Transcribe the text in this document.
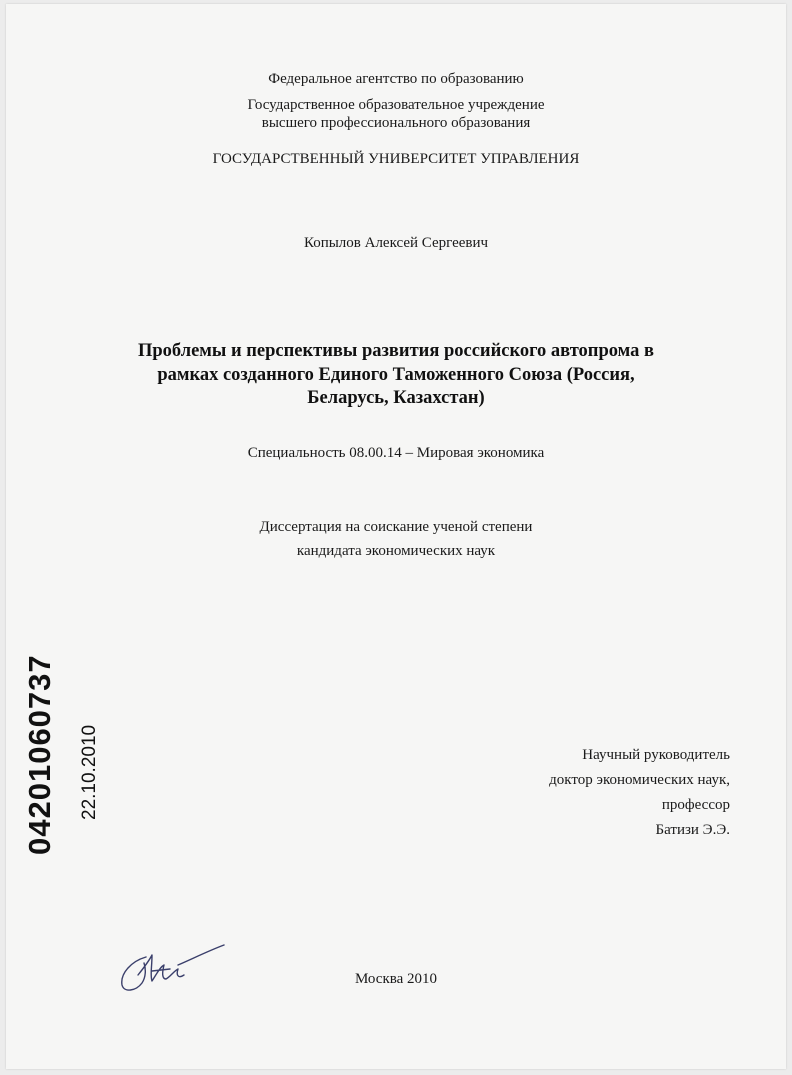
Федеральное агентство по образованию
Государственное образовательное учреждение
высшего профессионального образования
ГОСУДАРСТВЕННЫЙ УНИВЕРСИТЕТ УПРАВЛЕНИЯ
Копылов Алексей Сергеевич
Проблемы и перспективы развития российского автопрома в
рамках созданного Единого Таможенного Союза (Россия,
Беларусь, Казахстан)
Специальность 08.00.14 – Мировая экономика
Диссертация на соискание ученой степени
кандидата экономических наук
Научный руководитель
доктор экономических наук,
профессор
Батизи Э.Э.
Москва 2010
04201060737 22.10.2010
